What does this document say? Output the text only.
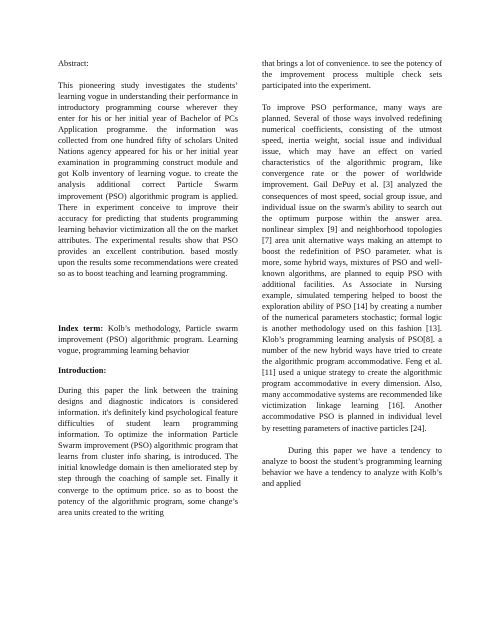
Abstract:

This pioneering study investigates the students’ learning vogue in understanding their performance in introductory programming course wherever they enter for his or her initial year of Bachelor of PCs Application programme. the information was collected from one hundred fifty of scholars United Nations agency appeared for his or her initial year examination in programming construct module and got Kolb inventory of learning vogue. to create the analysis additional correct Particle Swarm improvement (PSO) algorithmic program is applied. There in experiment conceive to improve their accuracy for predicting that students programming learning behavior victimization all the on the market attributes. The experimental results show that PSO provides an excellent contribution. based mostly upon the results some recommendations were created so as to boost teaching and learning programming.

Index term: Kolb’s methodology, Particle swarm improvement (PSO) algorithmic program. Learning vogue, programming learning behavior

Introduction:

During this paper the link between the training designs and diagnostic indicators is considered information. it's definitely kind psychological feature difficulties of student learn programming information. To optimize the information Particle Swarm improvement (PSO) algorithmic program that learns from cluster info sharing, is introduced. The initial knowledge domain is then ameliorated step by step through the coaching of sample set. Finally it converge to the optimum price. so as to boost the potency of the algorithmic program, some change’s area units created to the writing

that brings a lot of convenience. to see the potency of the improvement process multiple check sets participated into the experiment.

To improve PSO performance, many ways are planned. Several of those ways involved redefining numerical coefficients, consisting of the utmost speed, inertia weight, social issue and individual issue, which may have an effect on varied characteristics of the algorithmic program, like convergence rate or the power of worldwide improvement. Gail DePuy et al. [3] analyzed the consequences of most speed, social group issue, and individual issue on the swarm's ability to search out the optimum purpose within the answer area. nonlinear simplex [9] and neighborhood topologies [7] area unit alternative ways making an attempt to boost the redefinition of PSO parameter. what is more, some hybrid ways, mixtures of PSO and well-known algorithms, are planned to equip PSO with additional facilities. As Associate in Nursing example, simulated tempering helped to boost the exploration ability of PSO [14] by creating a number of the numerical parameters stochastic; formal logic is another methodology used on this fashion [13]. Klob’s programming learning analysis of PSO[8]. a number of the new hybrid ways have tried to create the algorithmic program accommodative. Feng et al. [11] used a unique strategy to create the algorithmic program accommodative in every dimension. Also, many accommodative systems are recommended like victimization linkage learning [16]. Another accommodative PSO is planned in individual level by resetting parameters of inactive particles [24].

During this paper we have a tendency to analyze to boost the student’s programming learning behavior we have a tendency to analyze with Kolb’s and applied
